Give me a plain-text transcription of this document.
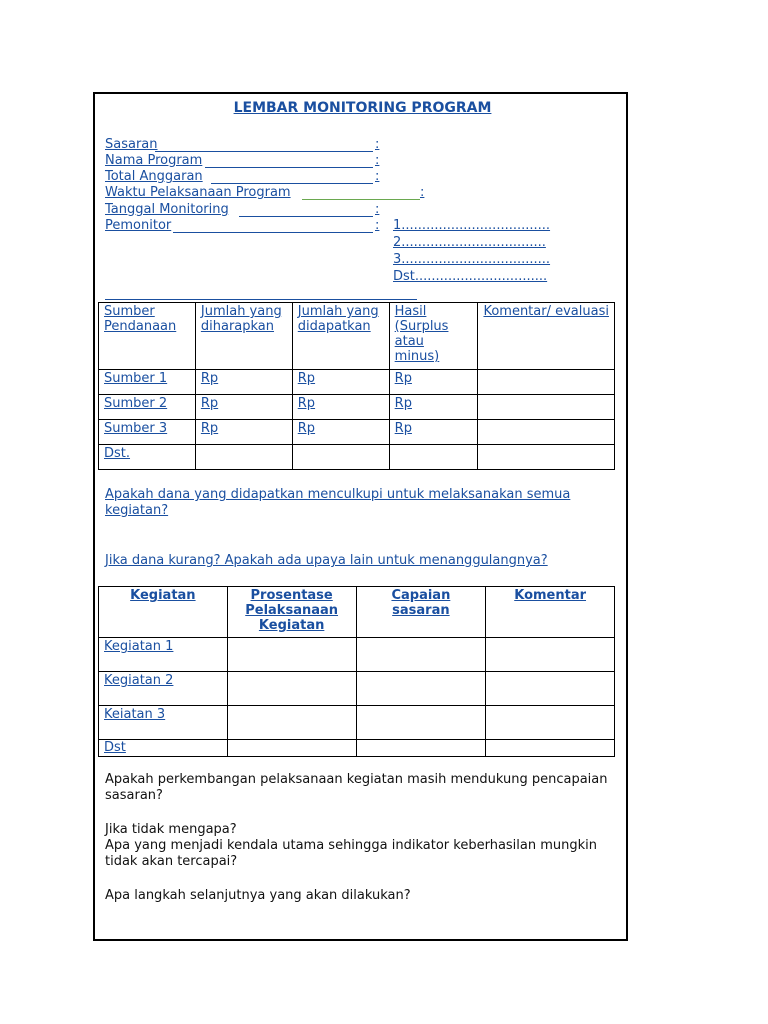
LEMBAR MONITORING PROGRAM
Sasaran	:
Nama Program	:
Total Anggaran	:
Waktu Pelaksanaan Program	:
Tanggal Monitoring	:
Pemonitor	: 1....................................
2...................................
3....................................
Dst................................
Sumber Pendanaan	Jumlah yang diharapkan	Jumlah yang didapatkan	Hasil (Surplus atau minus)	Komentar/ evaluasi
Sumber 1	Rp	Rp	Rp	
Sumber 2	Rp	Rp	Rp	
Sumber 3	Rp	Rp	Rp	
Dst.				
Apakah dana yang didapatkan menculkupi untuk melaksanakan semua kegiatan?
Jika dana kurang? Apakah ada upaya lain untuk menanggulangnya?
Kegiatan	Prosentase Pelaksanaan Kegiatan	Capaian sasaran	Komentar
Kegiatan 1			
Kegiatan 2			
Keiatan 3			
Dst			
Apakah perkembangan pelaksanaan kegiatan masih mendukung pencapaian sasaran?
Jika tidak mengapa?
Apa yang menjadi kendala utama sehingga indikator keberhasilan mungkin tidak akan tercapai?
Apa langkah selanjutnya yang akan dilakukan?
